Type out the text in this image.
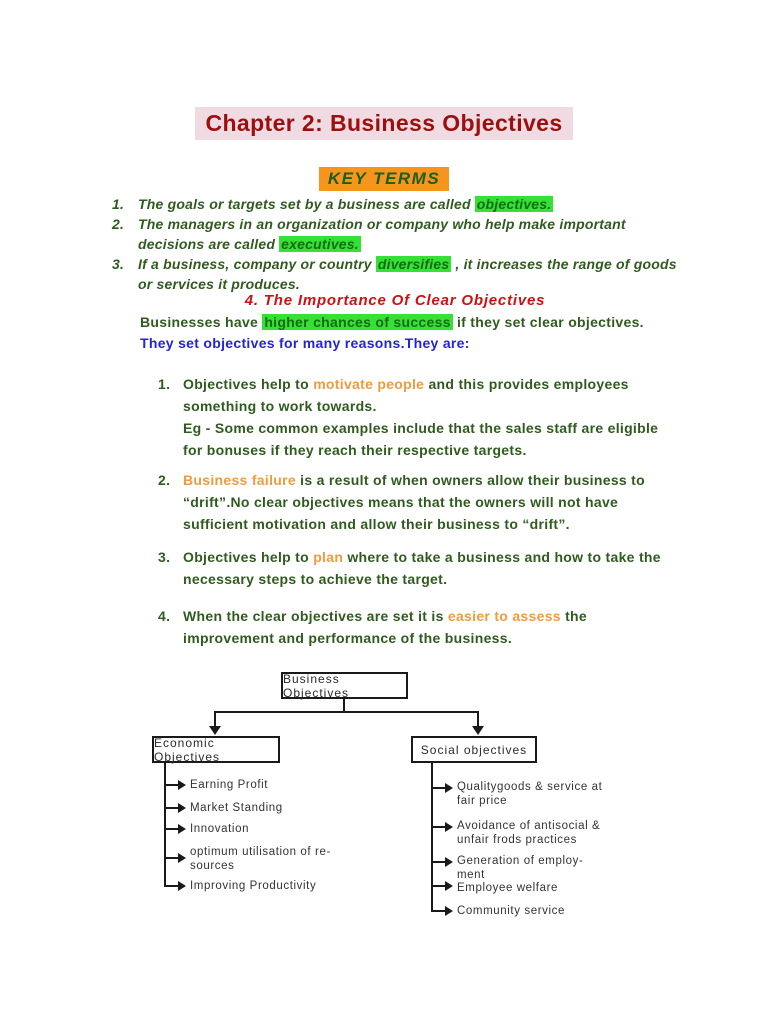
Chapter 2: Business Objectives
KEY TERMS
1. The goals or targets set by a business are called objectives.
2. The managers in an organization or company who help make important decisions are called executives.
3. If a business, company or country diversifies , it increases the range of goods or services it produces.
4. The Importance Of Clear Objectives
Businesses have higher chances of success if they set clear objectives.
They set objectives for many reasons.They are:
1. Objectives help to motivate people and this provides employees something to work towards.
Eg - Some common examples include that the sales staff are eligible for bonuses if they reach their respective targets.
2. Business failure is a result of when owners allow their business to “drift”.No clear objectives means that the owners will not have sufficient motivation and allow their business to “drift”.
3. Objectives help to plan where to take a business and how to take the necessary steps to achieve the target.
4. When the clear objectives are set it is easier to assess the improvement and performance of the business.
Business Objectives
Economic Objectives	Social objectives
Earning Profit
Market Standing
Innovation
optimum utilisation of re-
sources
Improving Productivity
Qualitygoods & service at
fair price
Avoidance of antisocial &
unfair frods practices
Generation of employ-
ment
Employee welfare
Community service
